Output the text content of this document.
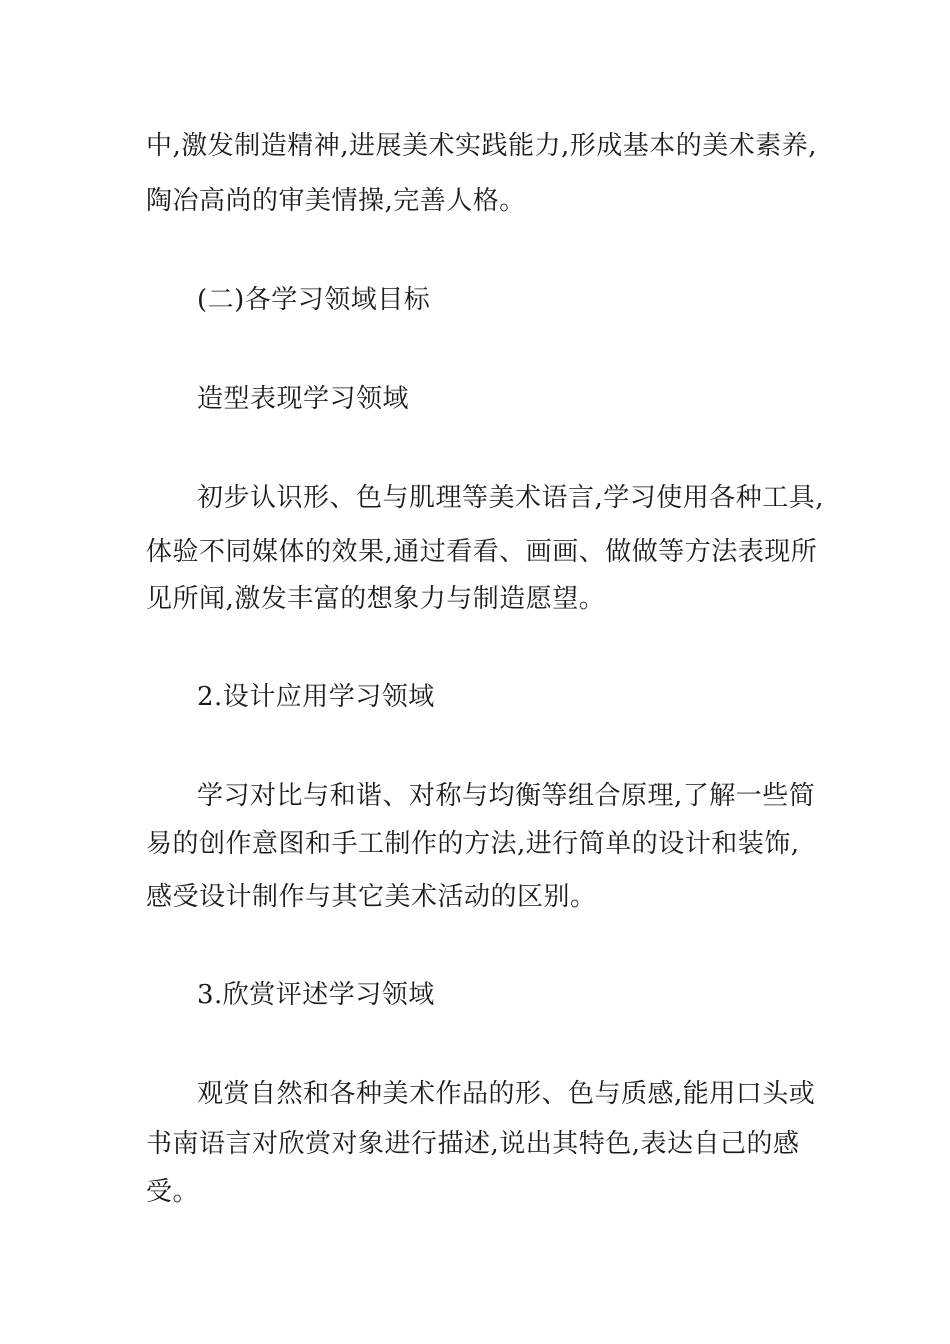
中,激发制造精神,进展美术实践能力,形成基本的美术素养,
陶冶高尚的审美情操,完善人格。
(二)各学习领域目标
造型表现学习领域
初步认识形、色与肌理等美术语言,学习使用各种工具,
体验不同媒体的效果,通过看看、画画、做做等方法表现所
见所闻,激发丰富的想象力与制造愿望。
2.设计应用学习领域
学习对比与和谐、对称与均衡等组合原理,了解一些简
易的创作意图和手工制作的方法,进行简单的设计和装饰,
感受设计制作与其它美术活动的区别。
3.欣赏评述学习领域
观赏自然和各种美术作品的形、色与质感,能用口头或
书南语言对欣赏对象进行描述,说出其特色,表达自己的感
受。
